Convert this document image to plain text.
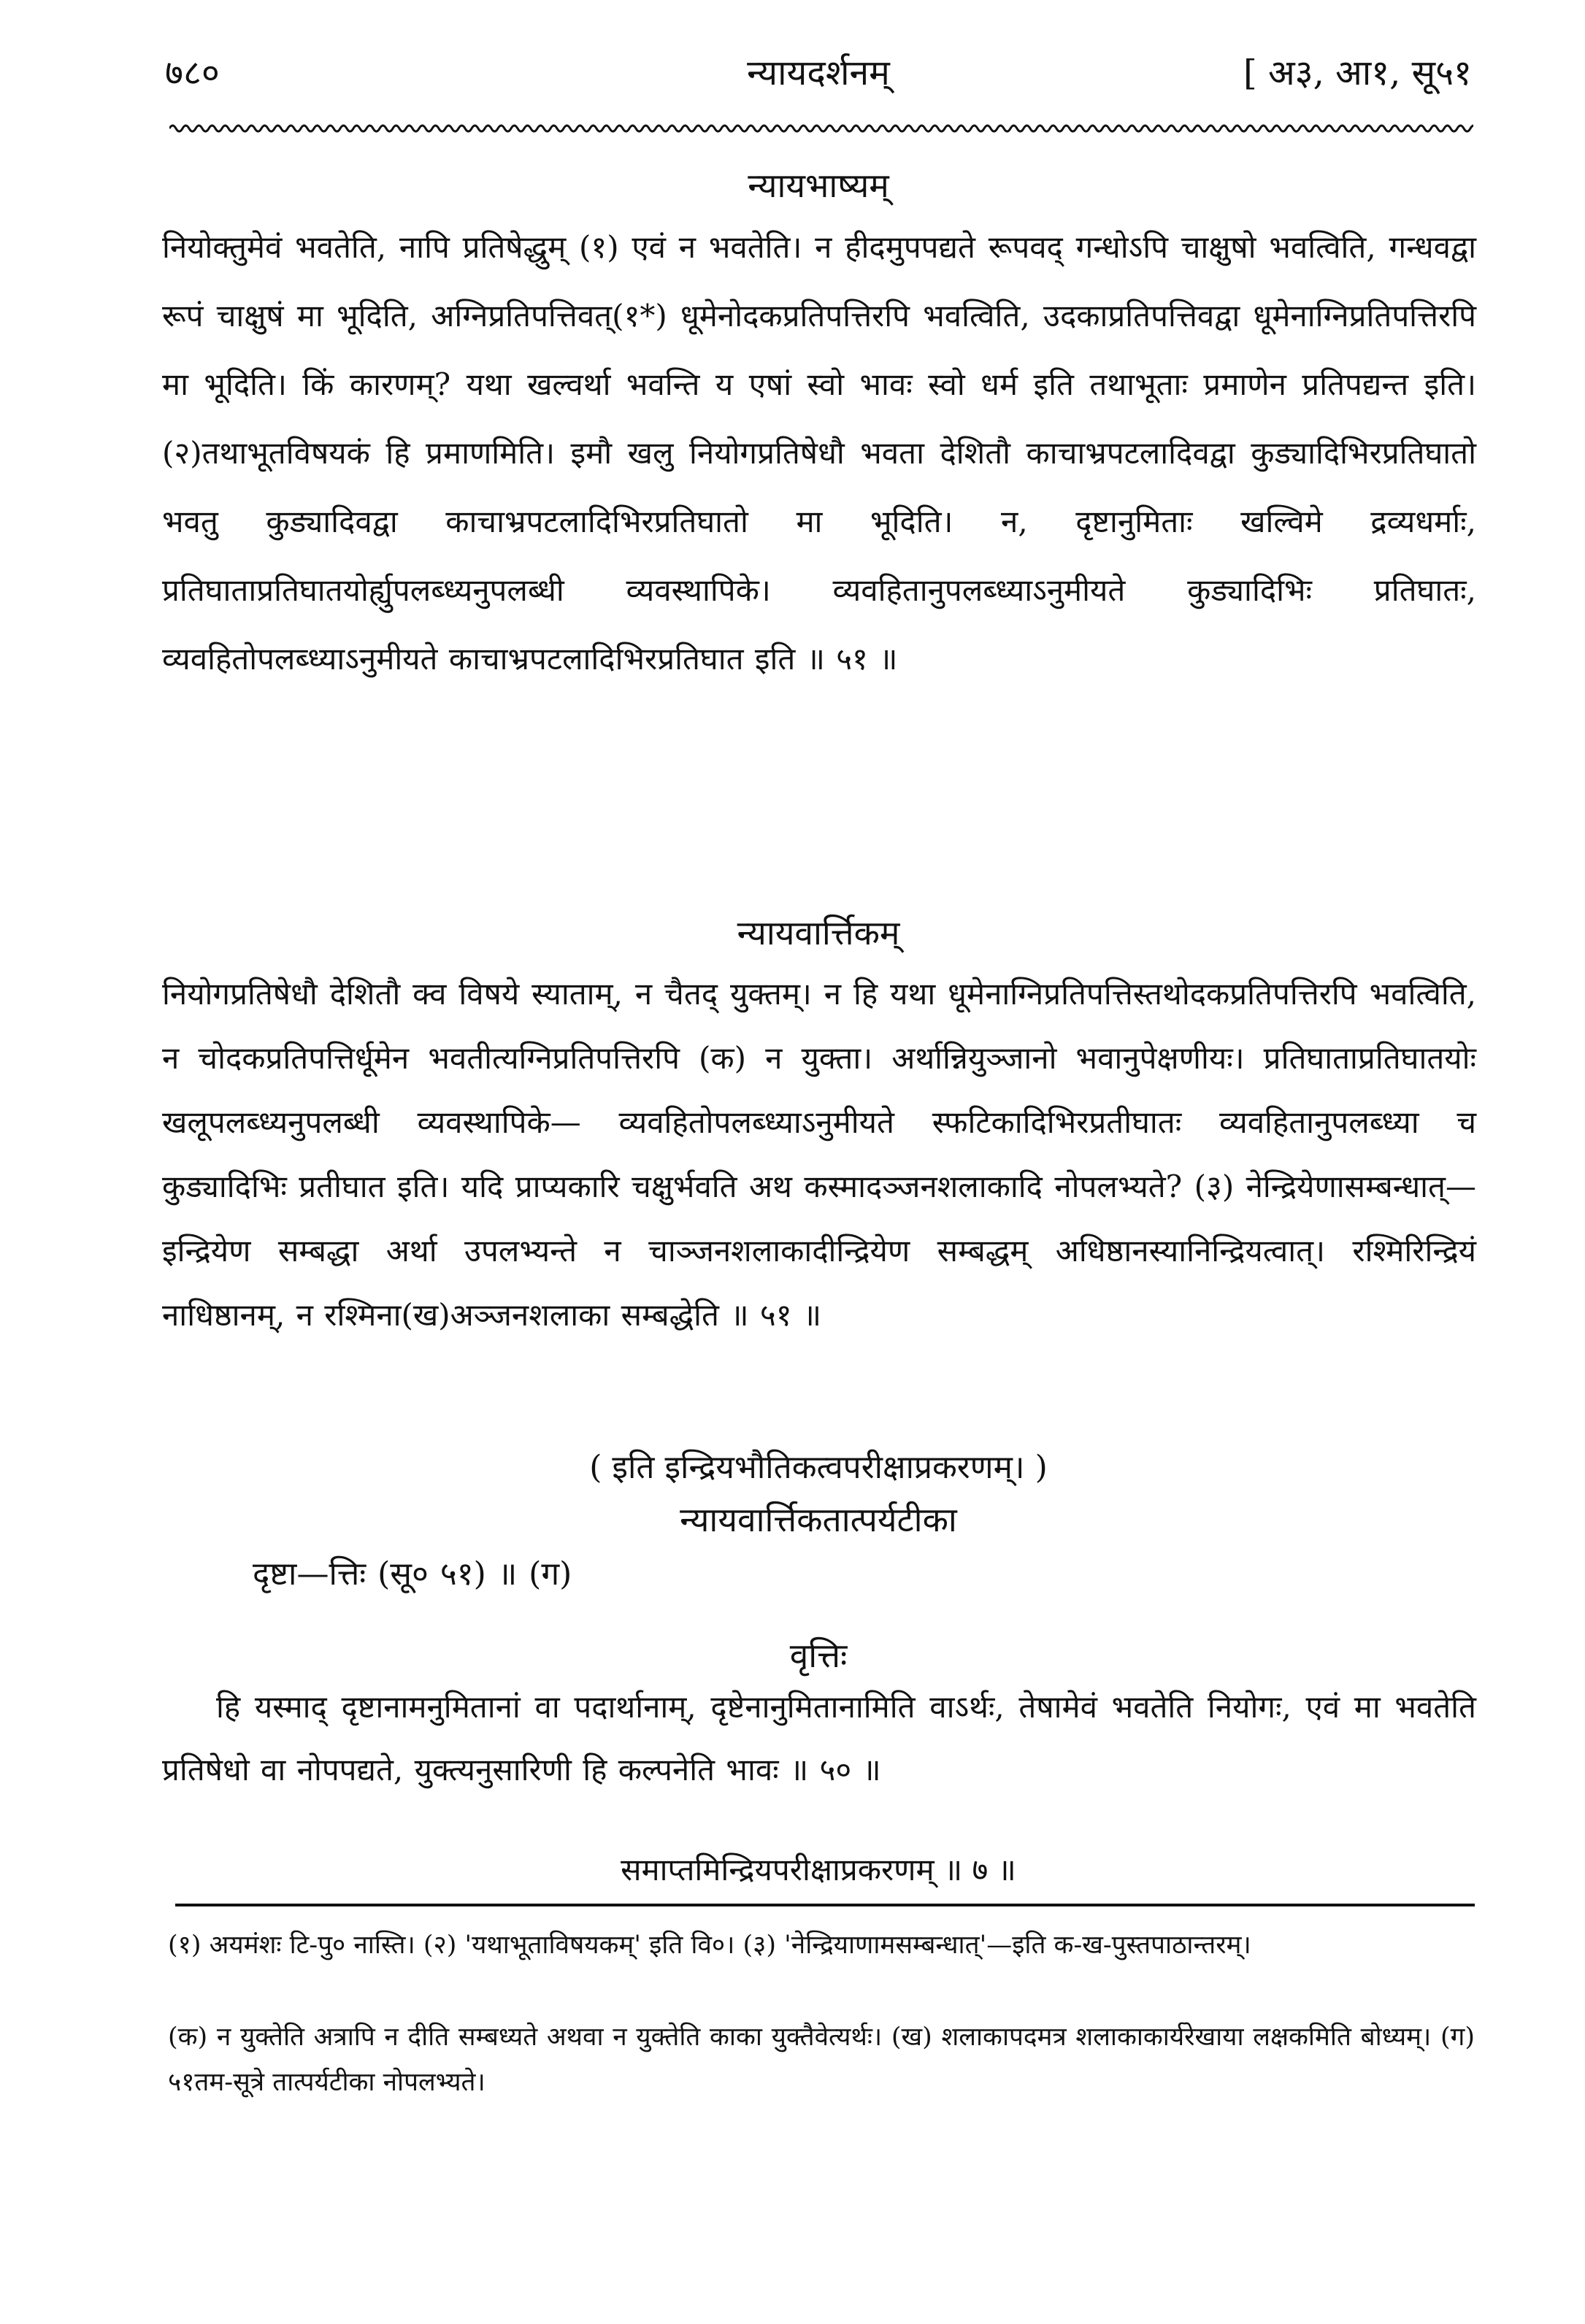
७८०	न्यायदर्शनम्	[ अ३, आ१, सू५१
न्यायभाष्यम्
नियोक्तुमेवं भवतेति, नापि प्रतिषेद्धुम् (१) एवं न भवतेति। न हीदमुपपद्यते रूपवद् गन्धोऽपि चाक्षुषो भवत्विति, गन्धवद्वा रूपं चाक्षुषं मा भूदिति, अग्निप्रतिपत्तिवत्(१*) धूमेनोदकप्रतिपत्तिरपि भवत्विति, उदकाप्रतिपत्तिवद्वा धूमेनाग्निप्रतिपत्तिरपि मा भूदिति। किं कारणम्? यथा खल्वर्था भवन्ति य एषां स्वो भावः स्वो धर्म इति तथाभूताः प्रमाणेन प्रतिपद्यन्त इति। (२)तथाभूतविषयकं हि प्रमाणमिति। इमौ खलु नियोगप्रतिषेधौ भवता देशितौ काचाभ्रपटलादिवद्वा कुड्यादिभिरप्रतिघातो भवतु कुड्यादिवद्वा काचाभ्रपटलादिभिरप्रतिघातो मा भूदिति। न, दृष्टानुमिताः खल्विमे द्रव्यधर्माः, प्रतिघाताप्रतिघातयोर्ह्युपलब्ध्यनुपलब्धी व्यवस्थापिके। व्यवहितानुपलब्ध्याऽनुमीयते कुड्यादिभिः प्रतिघातः, व्यवहितोपलब्ध्याऽनुमीयते काचाभ्रपटलादिभिरप्रतिघात इति ॥ ५१ ॥
न्यायवार्त्तिकम्
नियोगप्रतिषेधौ देशितौ क्व विषये स्याताम्, न चैतद् युक्तम्। न हि यथा धूमेनाग्निप्रतिपत्तिस्तथोदकप्रतिपत्तिरपि भवत्विति, न चोदकप्रतिपत्तिर्धूमेन भवतीत्यग्निप्रतिपत्तिरपि (क) न युक्ता। अर्थान्नियुञ्जानो भवानुपेक्षणीयः। प्रतिघाताप्रतिघातयोः खलूपलब्ध्यनुपलब्धी व्यवस्थापिके— व्यवहितोपलब्ध्याऽनुमीयते स्फटिकादिभिरप्रतीघातः व्यवहितानुपलब्ध्या च कुड्यादिभिः प्रतीघात इति। यदि प्राप्यकारि चक्षुर्भवति अथ कस्मादञ्जनशलाकादि नोपलभ्यते? (३) नेन्द्रियेणासम्बन्धात्—इन्द्रियेण सम्बद्धा अर्था उपलभ्यन्ते न चाञ्जनशलाकादीन्द्रियेण सम्बद्धम् अधिष्ठानस्यानिन्द्रियत्वात्। रश्मिरिन्द्रियं नाधिष्ठानम्, न रश्मिना(ख)अञ्जनशलाका सम्बद्धेति ॥ ५१ ॥
( इति इन्द्रियभौतिकत्वपरीक्षाप्रकरणम्। )
न्यायवार्त्तिकतात्पर्यटीका
दृष्टा—त्तिः (सू० ५१) ॥ (ग)
वृत्तिः
हि यस्माद् दृष्टानामनुमितानां वा पदार्थानाम्, दृष्टेनानुमितानामिति वाऽर्थः, तेषामेवं भवतेति नियोगः, एवं मा भवतेति प्रतिषेधो वा नोपपद्यते, युक्त्यनुसारिणी हि कल्पनेति भावः ॥ ५० ॥
समाप्तमिन्द्रियपरीक्षाप्रकरणम् ॥ ७ ॥
(१) अयमंशः टि-पु० नास्ति। (२) 'यथाभूताविषयकम्' इति वि०। (३) 'नेन्द्रियाणामसम्बन्धात्'—इति क-ख-पुस्तपाठान्तरम्।
(क) न युक्तेति अत्रापि न दीति सम्बध्यते अथवा न युक्तेति काका युक्तैवेत्यर्थः। (ख) शलाकापदमत्र शलाकाकार्यरेखाया लक्षकमिति बोध्यम्। (ग) ५१तम-सूत्रे तात्पर्यटीका नोपलभ्यते।
